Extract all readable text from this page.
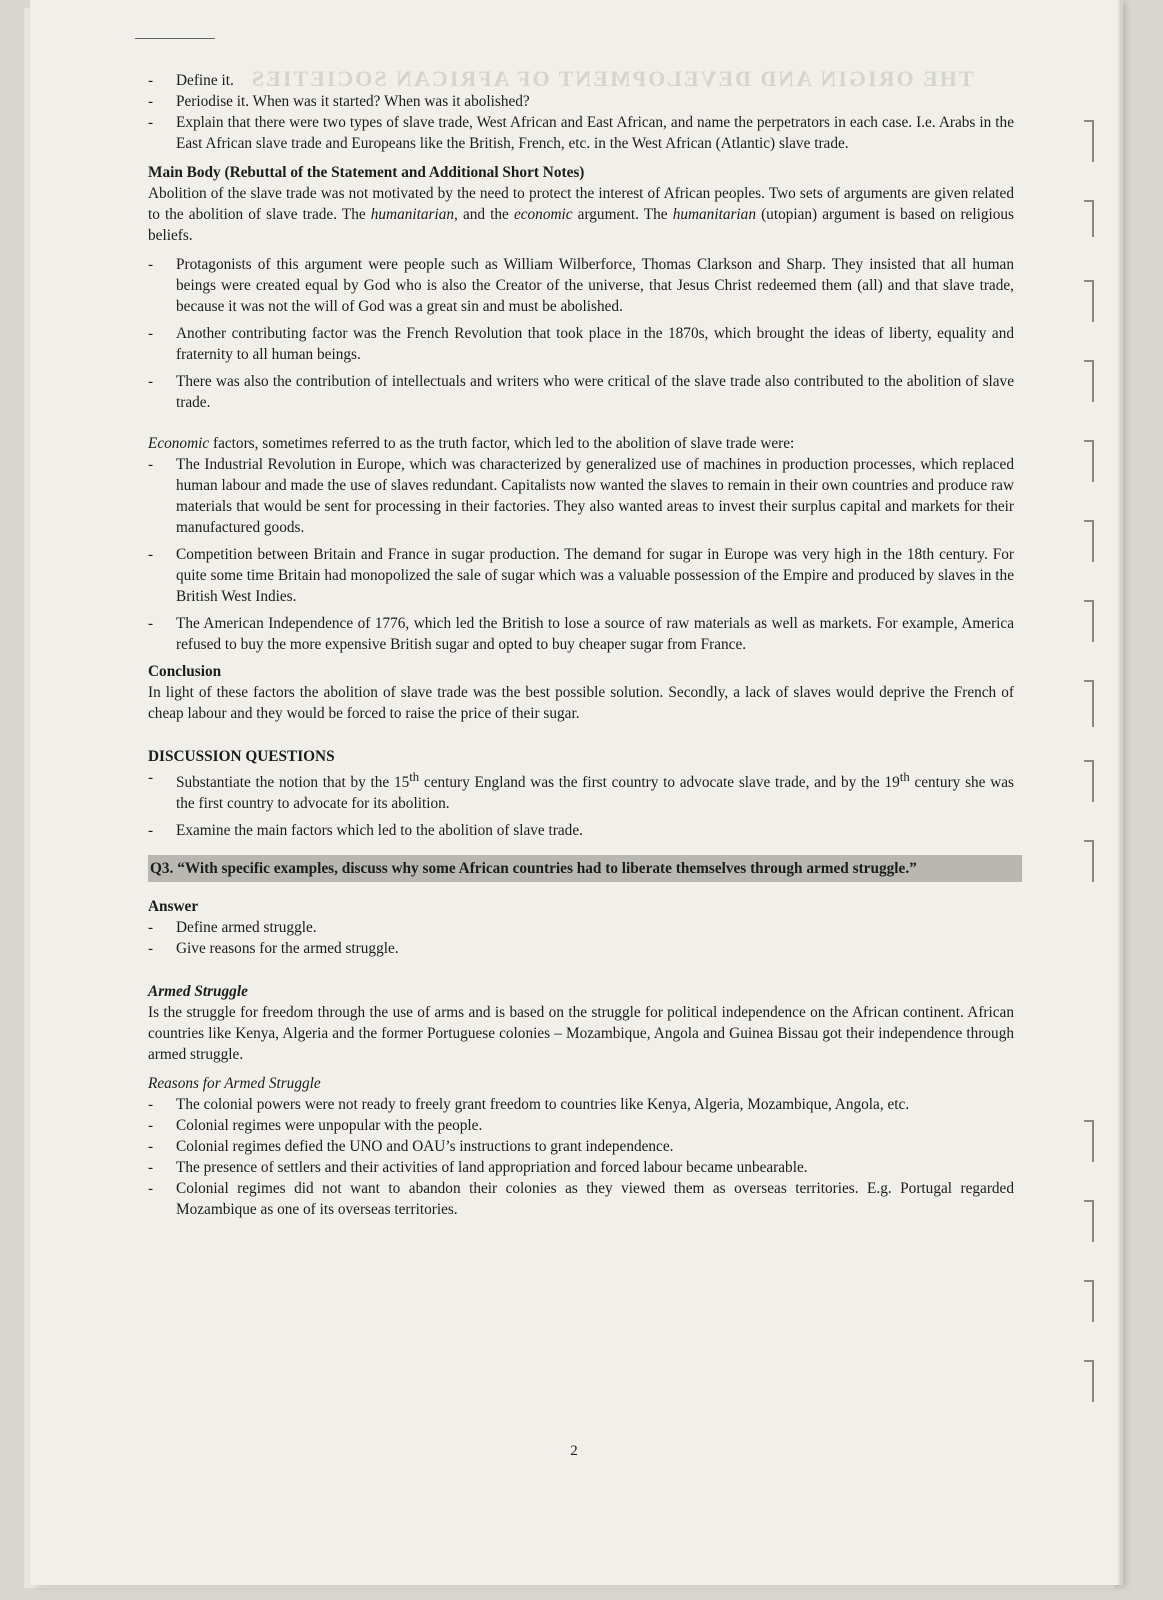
THE ORIGIN AND DEVELOPMENT OF AFRICAN SOCIETIES
- Define it.
- Periodise it. When was it started? When was it abolished?
- Explain that there were two types of slave trade, West African and East African, and name the perpetrators in each case. I.e. Arabs in the East African slave trade and Europeans like the British, French, etc. in the West African (Atlantic) slave trade.

Main Body (Rebuttal of the Statement and Additional Short Notes)

Abolition of the slave trade was not motivated by the need to protect the interest of African peoples. Two sets of arguments are given related to the abolition of slave trade. The humanitarian, and the economic argument. The humanitarian (utopian) argument is based on religious beliefs.

- Protagonists of this argument were people such as William Wilberforce, Thomas Clarkson and Sharp. They insisted that all human beings were created equal by God who is also the Creator of the universe, that Jesus Christ redeemed them (all) and that slave trade, because it was not the will of God was a great sin and must be abolished.
- Another contributing factor was the French Revolution that took place in the 1870s, which brought the ideas of liberty, equality and fraternity to all human beings.
- There was also the contribution of intellectuals and writers who were critical of the slave trade also contributed to the abolition of slave trade.

Economic factors, sometimes referred to as the truth factor, which led to the abolition of slave trade were:

- The Industrial Revolution in Europe, which was characterized by generalized use of machines in production processes, which replaced human labour and made the use of slaves redundant. Capitalists now wanted the slaves to remain in their own countries and produce raw materials that would be sent for processing in their factories. They also wanted areas to invest their surplus capital and markets for their manufactured goods.
- Competition between Britain and France in sugar production. The demand for sugar in Europe was very high in the 18th century. For quite some time Britain had monopolized the sale of sugar which was a valuable possession of the Empire and produced by slaves in the British West Indies.
- The American Independence of 1776, which led the British to lose a source of raw materials as well as markets. For example, America refused to buy the more expensive British sugar and opted to buy cheaper sugar from France.

Conclusion

In light of these factors the abolition of slave trade was the best possible solution. Secondly, a lack of slaves would deprive the French of cheap labour and they would be forced to raise the price of their sugar.

DISCUSSION QUESTIONS

- Substantiate the notion that by the 15th century England was the first country to advocate slave trade, and by the 19th century she was the first country to advocate for its abolition.
- Examine the main factors which led to the abolition of slave trade.

Q3. “With specific examples, discuss why some African countries had to liberate themselves through armed struggle.”

Answer

- Define armed struggle.
- Give reasons for the armed struggle.

Armed Struggle

Is the struggle for freedom through the use of arms and is based on the struggle for political independence on the African continent. African countries like Kenya, Algeria and the former Portuguese colonies – Mozambique, Angola and Guinea Bissau got their independence through armed struggle.

Reasons for Armed Struggle

- The colonial powers were not ready to freely grant freedom to countries like Kenya, Algeria, Mozambique, Angola, etc.
- Colonial regimes were unpopular with the people.
- Colonial regimes defied the UNO and OAU’s instructions to grant independence.
- The presence of settlers and their activities of land appropriation and forced labour became unbearable.
- Colonial regimes did not want to abandon their colonies as they viewed them as overseas territories. E.g. Portugal regarded Mozambique as one of its overseas territories.
2
